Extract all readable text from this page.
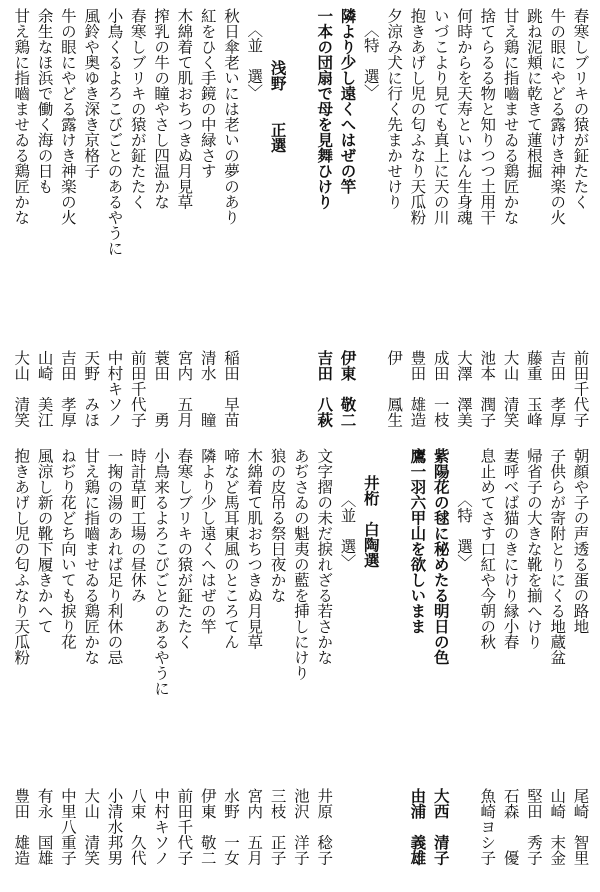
春寒しブリキの猿が鉦たたく
牛の眼にやどる露けき神楽の火
跳ね泥頬に乾きて蓮根掘
甘え鶏に指嚙ませゐる鶏匠かな
捨てらるる物と知りつつ土用干
何時からを天寿といはん生身魂
いづこより見ても真上に天の川
抱きあげし児の匂ふなり天瓜粉
夕涼み犬に行く先まかせけり
〈特　選〉
隣より少し遠くへはぜの竿
一本の団扇で母を見舞ひけり
浅野　　正選
〈並　選〉
秋日傘老いには老いの夢のあり
紅をひく手鏡の中緑さす
木綿着て肌おちつきぬ月見草
搾乳の牛の瞳やさし四温かな
春寒しブリキの猿が鉦たたく
小鳥くるよろこびごとのあるやうに
風鈴や奥ゆき深き京格子
牛の眼にやどる露けき神楽の火
余生なほ浜で働く海の日も
甘え鶏に指嚙ませゐる鶏匠かな
前田千代子
吉田　孝厚
藤重　玉峰
大山　清笑
池本　潤子
大澤　澤美
成田　一枝
豊田　雄造
伊　　鳳生
伊東　敬二
吉田　八萩
稲田　早苗
清水　　瞳
宮内　五月
蓑田　　勇
前田千代子
中村キソノ
天野　みほ
吉田　孝厚
山崎　美江
大山　清笑
朝顔や子の声透る蛋の路地
子供らが寄附とりにくる地蔵盆
帰省子の大きな靴を揃へけり
妻呼べば猫のきにけり縁小春
息止めてさす口紅や今朝の秋
〈特　選〉
紫陽花の毬に秘めたる明日の色
鷹一羽六甲山を欲しいまま
井桁　白陶選
〈並　選〉
文字摺の未だ捩れざる若さかな
あぢさゐの魁夷の藍を挿しにけり
狼の皮吊る祭日夜かな
木綿着て肌おちつきぬ月見草
啼など馬耳東風のところてん
隣より少し遠くへはぜの竿
春寒しブリキの猿が鉦たたく
小鳥来るよろこびごとのあるやうに
時計草町工場の昼休み
一掬の湯のあれば足り利休の忌
甘え鶏に指嚙ませゐる鶏匠かな
ねぢり花どち向いても捩り花
風涼し新の靴下履きかへて
抱きあげし児の匂ふなり天瓜粉
尾崎　智里
山崎　末金
堅田　秀子
石森　　優
魚崎ヨシ子
大西　清子
由浦　義雄
井原　稔子
池沢　洋子
三枝　正子
宮内　五月
水野　一女
伊東　敬二
前田千代子
中村キソノ
八束　久代
小清水邦男
大山　清笑
中里八重子
有永　国雄
豊田　雄造
